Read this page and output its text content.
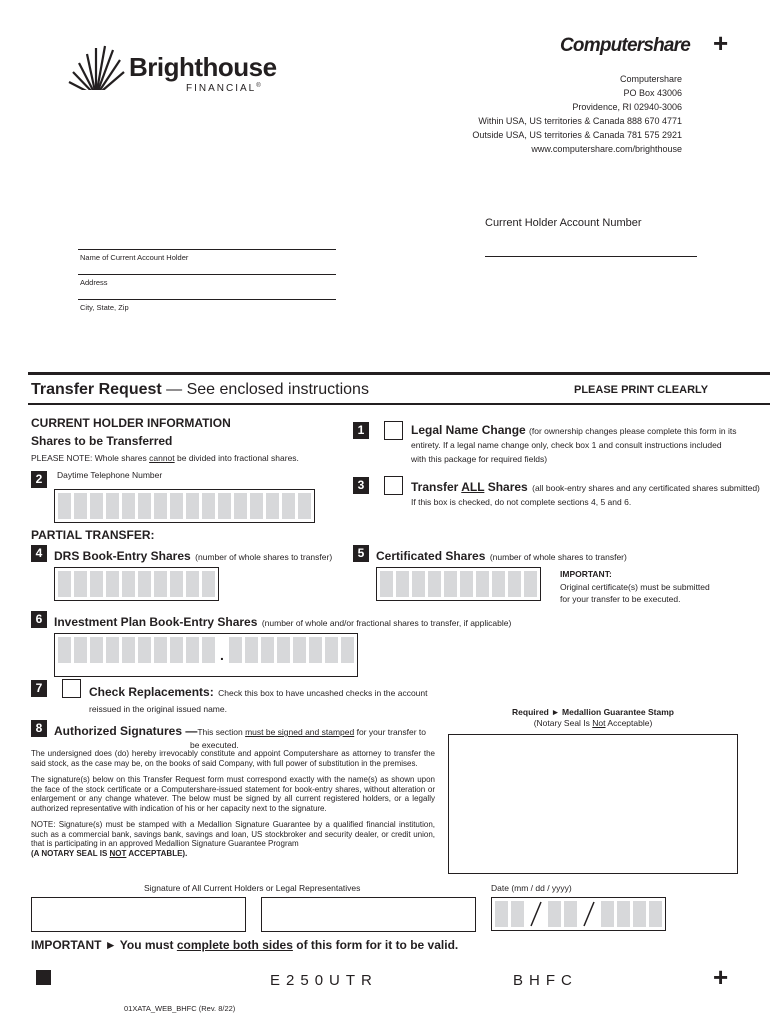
Brighthouse
FINANCIAL®
Computershare +
Computershare
PO Box 43006
Providence, RI 02940-3006
Within USA, US territories & Canada 888 670 4771
Outside USA, US territories & Canada 781 575 2921
www.computershare.com/brighthouse
Current Holder Account Number
Name of Current Account Holder
Address
City, State, Zip
Transfer Request — See enclosed instructions	PLEASE PRINT CLEARLY
CURRENT HOLDER INFORMATION
Shares to be Transferred
PLEASE NOTE: Whole shares cannot be divided into fractional shares.
2	Daytime Telephone Number
1	Legal Name Change (for ownership changes please complete this form in its
entirety. If a legal name change only, check box 1 and consult instructions included
with this package for required fields)
3	Transfer ALL Shares (all book-entry shares and any certificated shares submitted)
If this box is checked, do not complete sections 4, 5 and 6.
PARTIAL TRANSFER:
4 DRS Book-Entry Shares (number of whole shares to transfer)	5 Certificated Shares (number of whole shares to transfer)
IMPORTANT:
Original certificate(s) must be submitted
for your transfer to be executed.
6 Investment Plan Book-Entry Shares (number of whole and/or fractional shares to transfer, if applicable)
.
7	Check Replacements: Check this box to have uncashed checks in the account
reissued in the original issued name.
8 Authorized Signatures —This section must be signed and stamped for your transfer to
be executed.
Required ► Medallion Guarantee Stamp
(Notary Seal Is Not Acceptable)

The undersigned does (do) hereby irrevocably constitute and appoint Computershare as attorney to transfer the said stock, as the case may be, on the books of said Company, with full power of substitution in the premises.

The signature(s) below on this Transfer Request form must correspond exactly with the name(s) as shown upon the face of the stock certificate or a Computershare-issued statement for book-entry shares, without alteration or enlargement or any change whatever. The below must be signed by all current registered holders, or a legally authorized representative with indication of his or her capacity next to the signature.

NOTE: Signature(s) must be stamped with a Medallion Signature Guarantee by a qualified financial institution, such as a commercial bank, savings bank, savings and loan, US stockbroker and security dealer, or credit union, that is participating in an approved Medallion Signature Guarantee Program

(A NOTARY SEAL IS NOT ACCEPTABLE).

Signature of All Current Holders or Legal Representatives	Date (mm / dd / yyyy)
IMPORTANT ► You must complete both sides of this form for it to be valid.
E250UTR	BHFC	+
01XATA_WEB_BHFC (Rev. 8/22)
